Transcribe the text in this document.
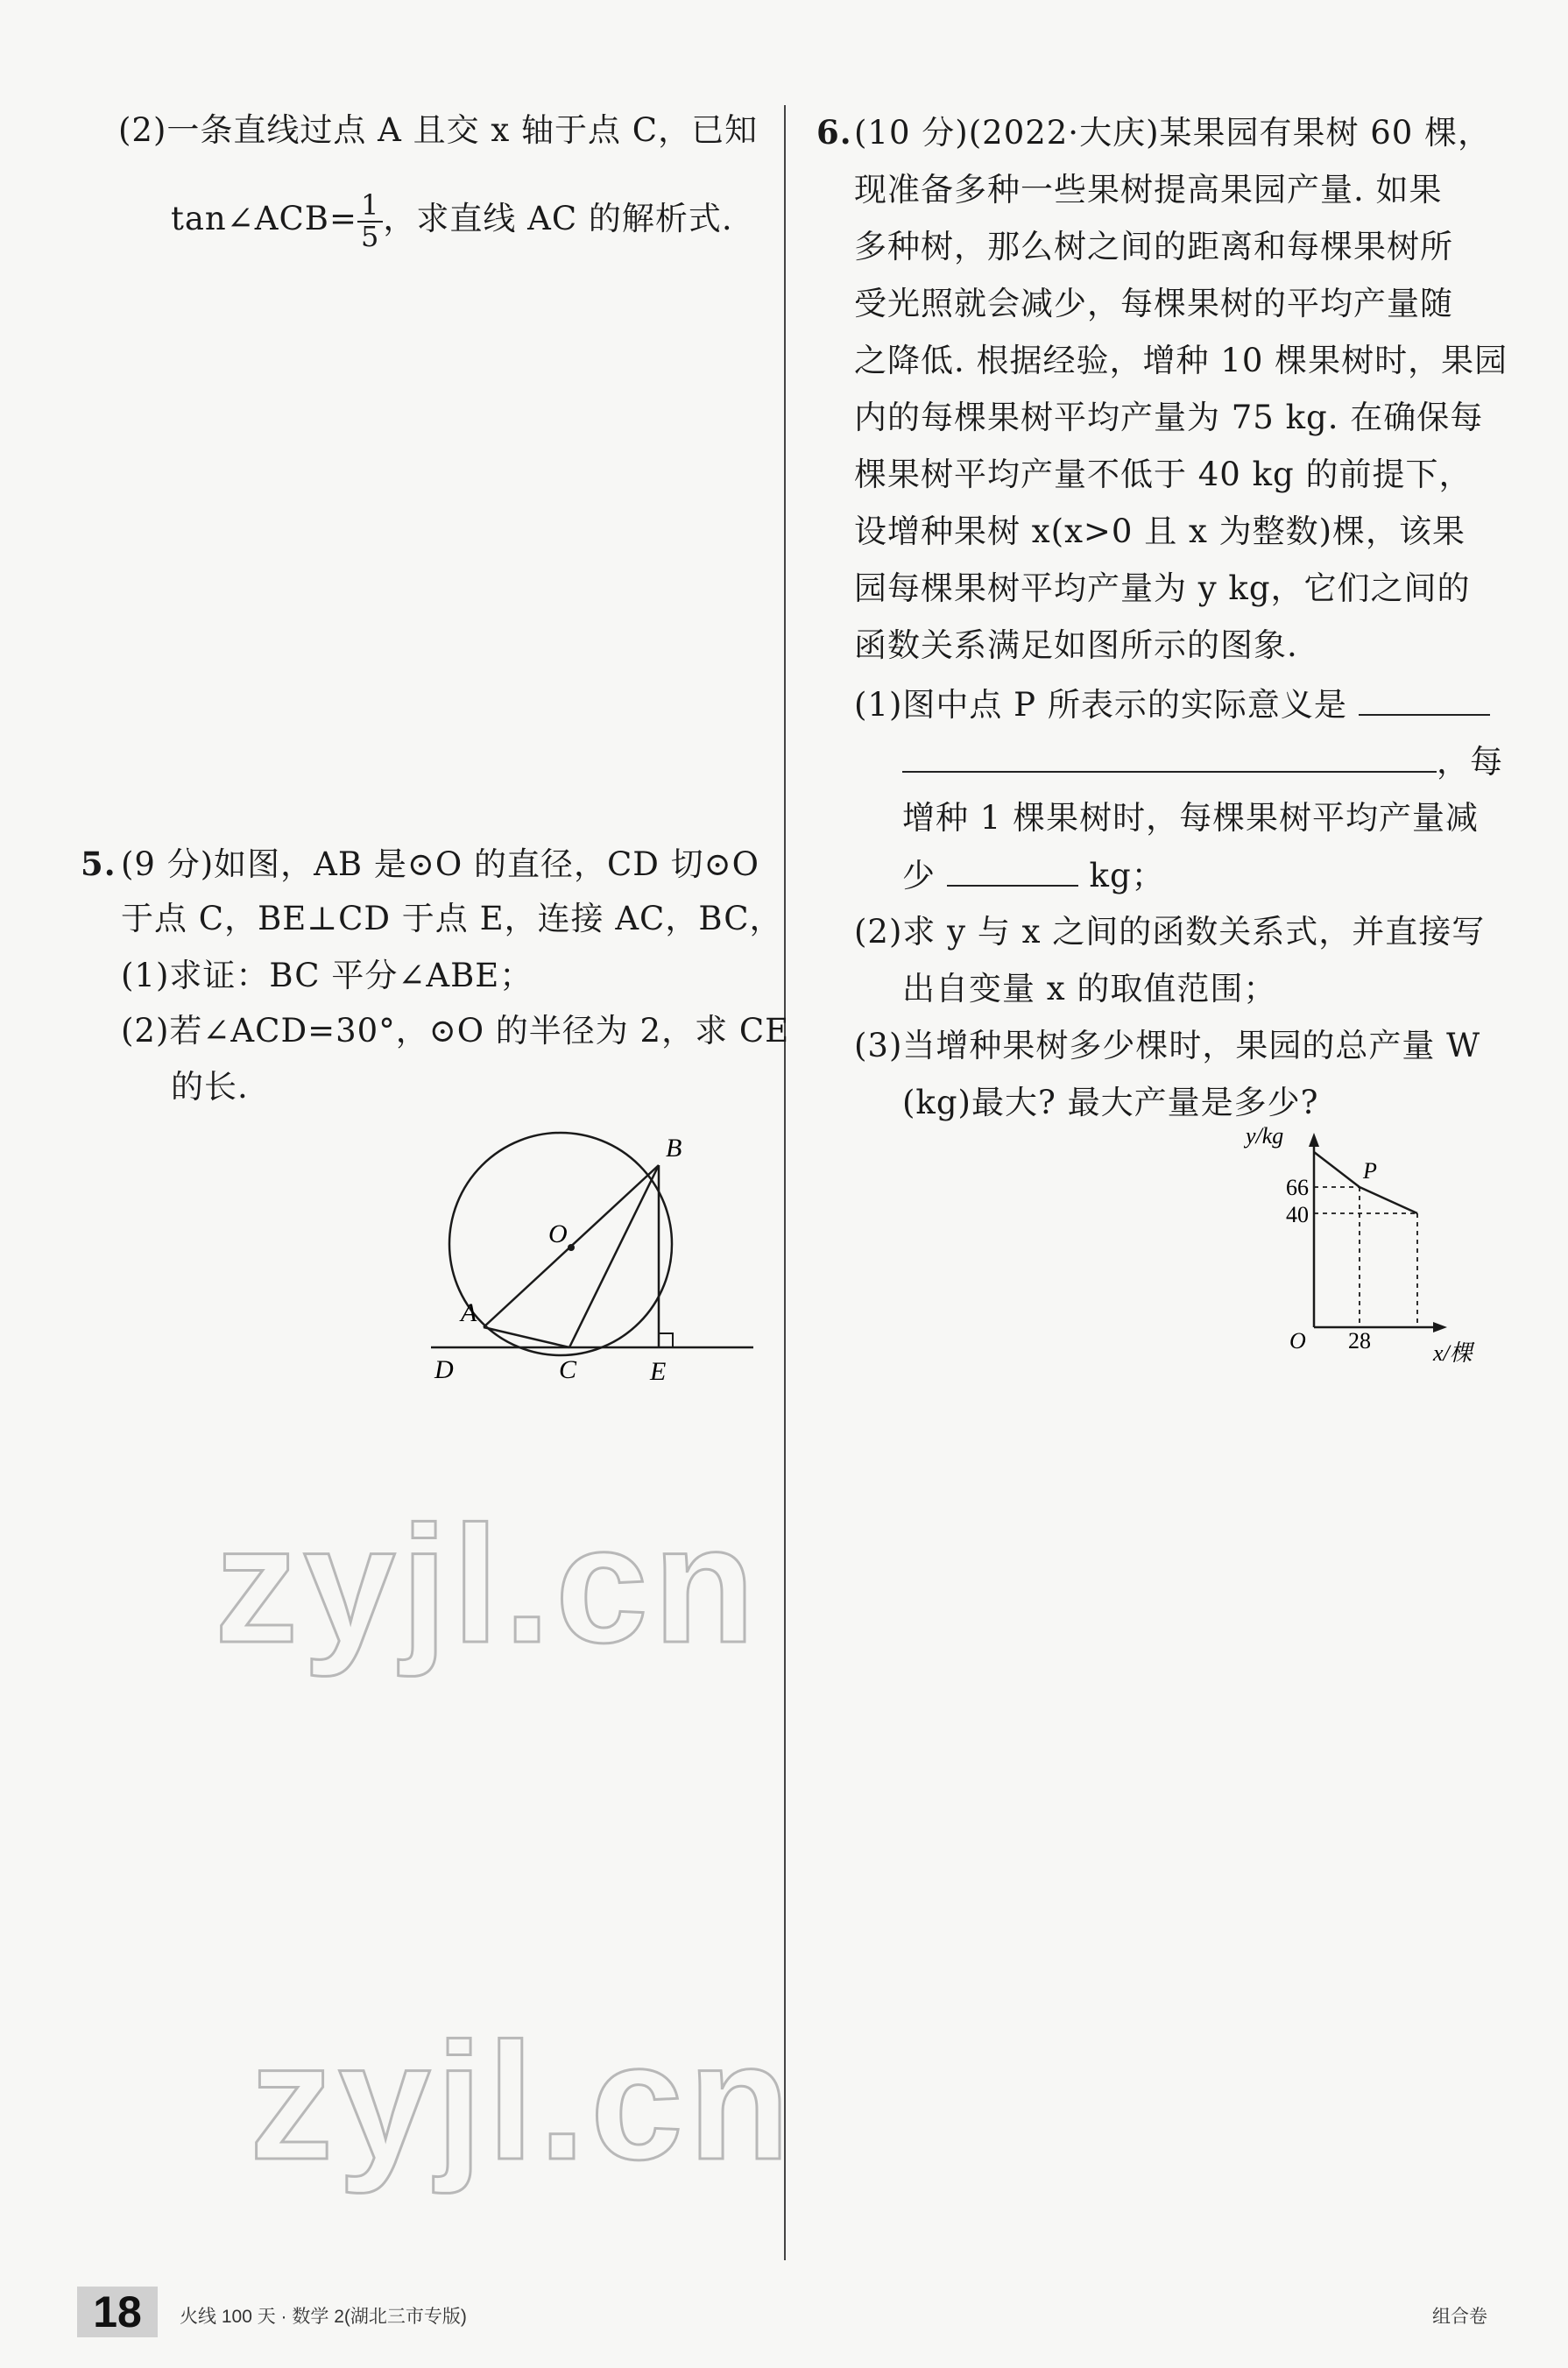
(2)一条直线过点 A 且交 x 轴于点 C，已知
tan∠ACB= $\frac{1}{5}$ ，求直线 AC 的解析式.
5. (9 分)如图，AB 是⊙O 的直径，CD 切⊙O
于点 C，BE⊥CD 于点 E，连接 AC，BC，
(1)求证：BC 平分∠ABE；
(2)若∠ACD=30°，⊙O 的半径为 2，求 CE
的长.
B
O
A
D	C	E
zyjl.cn
zyjl.cn
6. (10 分)(2022·大庆)某果园有果树 60 棵，
现准备多种一些果树提高果园产量. 如果
多种树，那么树之间的距离和每棵果树所
受光照就会减少，每棵果树的平均产量随
之降低. 根据经验，增种 10 棵果树时，果园
内的每棵果树平均产量为 75 kg. 在确保每
棵果树平均产量不低于 40 kg 的前提下，
设增种果树 x(x>0 且 x 为整数)棵，该果
园每棵果树平均产量为 y kg，它们之间的
函数关系满足如图所示的图象.
(1)图中点 P 所表示的实际意义是
，每
增种 1 棵果树时，每棵果树平均产量减
少	kg；
(2)求 y 与 x 之间的函数关系式，并直接写
出自变量 x 的取值范围；
(3)当增种果树多少棵时，果园的总产量 W
(kg)最大? 最大产量是多少?
y/kg
x/棵
O
P
66
40
28
18	火线 100 天 · 数学 2(湖北三市专版)	组合卷
